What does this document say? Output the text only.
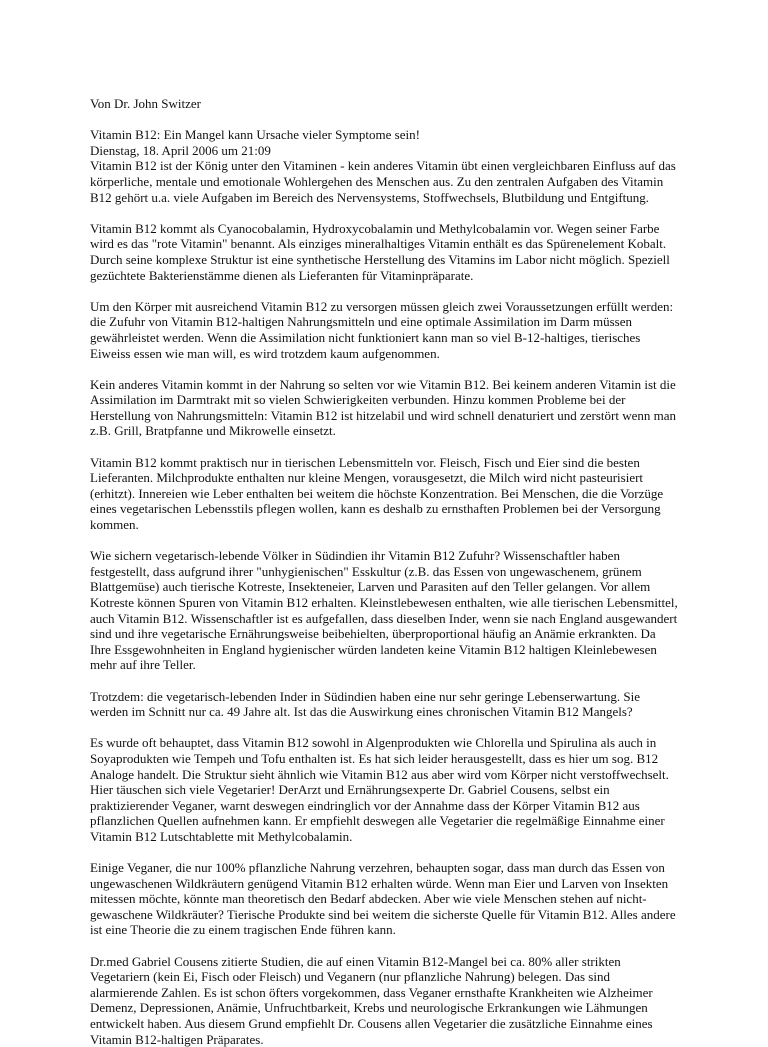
Von Dr. John Switzer

Vitamin B12: Ein Mangel kann Ursache vieler Symptome sein!

Dienstag, 18. April 2006 um 21:09

Vitamin B12 ist der König unter den Vitaminen - kein anderes Vitamin übt einen vergleichbaren Einfluss auf das
körperliche, mentale und emotionale Wohlergehen des Menschen aus. Zu den zentralen Aufgaben des Vitamin
B12 gehört u.a. viele Aufgaben im Bereich des Nervensystems, Stoffwechsels, Blutbildung und Entgiftung.

Vitamin B12 kommt als Cyanocobalamin, Hydroxycobalamin und Methylcobalamin vor. Wegen seiner Farbe
wird es das "rote Vitamin" benannt. Als einziges mineralhaltiges Vitamin enthält es das Spürenelement Kobalt.
Durch seine komplexe Struktur ist eine synthetische Herstellung des Vitamins im Labor nicht möglich. Speziell
gezüchtete Bakterienstämme dienen als Lieferanten für Vitaminpräparate.

Um den Körper mit ausreichend Vitamin B12 zu versorgen müssen gleich zwei Voraussetzungen erfüllt werden:
die Zufuhr von Vitamin B12-haltigen Nahrungsmitteln und eine optimale Assimilation im Darm müssen
gewährleistet werden. Wenn die Assimilation nicht funktioniert kann man so viel B-12-haltiges, tierisches
Eiweiss essen wie man will, es wird trotzdem kaum aufgenommen.

Kein anderes Vitamin kommt in der Nahrung so selten vor wie Vitamin B12. Bei keinem anderen Vitamin ist die
Assimilation im Darmtrakt mit so vielen Schwierigkeiten verbunden. Hinzu kommen Probleme bei der
Herstellung von Nahrungsmitteln: Vitamin B12 ist hitzelabil und wird schnell denaturiert und zerstört wenn man
z.B. Grill, Bratpfanne und Mikrowelle einsetzt.

Vitamin B12 kommt praktisch nur in tierischen Lebensmitteln vor. Fleisch, Fisch und Eier sind die besten
Lieferanten. Milchprodukte enthalten nur kleine Mengen, vorausgesetzt, die Milch wird nicht pasteurisiert
(erhitzt). Innereien wie Leber enthalten bei weitem die höchste Konzentration. Bei Menschen, die die Vorzüge
eines vegetarischen Lebensstils pflegen wollen, kann es deshalb zu ernsthaften Problemen bei der Versorgung
kommen.

Wie sichern vegetarisch-lebende Völker in Südindien ihr Vitamin B12 Zufuhr? Wissenschaftler haben
festgestellt, dass aufgrund ihrer "unhygienischen" Esskultur (z.B. das Essen von ungewaschenem, grünem
Blattgemüse) auch tierische Kotreste, Insekteneier, Larven und Parasiten auf den Teller gelangen. Vor allem
Kotreste können Spuren von Vitamin B12 erhalten. Kleinstlebewesen enthalten, wie alle tierischen Lebensmittel,
auch Vitamin B12. Wissenschaftler ist es aufgefallen, dass dieselben Inder, wenn sie nach England ausgewandert
sind und ihre vegetarische Ernährungsweise beibehielten, überproportional häufig an Anämie erkrankten. Da
Ihre Essgewohnheiten in England hygienischer würden landeten keine Vitamin B12 haltigen Kleinlebewesen
mehr auf ihre Teller.

Trotzdem: die vegetarisch-lebenden Inder in Südindien haben eine nur sehr geringe Lebenserwartung. Sie
werden im Schnitt nur ca. 49 Jahre alt. Ist das die Auswirkung eines chronischen Vitamin B12 Mangels?

Es wurde oft behauptet, dass Vitamin B12 sowohl in Algenprodukten wie Chlorella und Spirulina als auch in
Soyaprodukten wie Tempeh und Tofu enthalten ist. Es hat sich leider herausgestellt, dass es hier um sog. B12
Analoge handelt. Die Struktur sieht ähnlich wie Vitamin B12 aus aber wird vom Körper nicht verstoffwechselt.
Hier täuschen sich viele Vegetarier! DerArzt und Ernährungsexperte Dr. Gabriel Cousens, selbst ein
praktizierender Veganer, warnt deswegen eindringlich vor der Annahme dass der Körper Vitamin B12 aus
pflanzlichen Quellen aufnehmen kann. Er empfiehlt deswegen alle Vegetarier die regelmäßige Einnahme einer
Vitamin B12 Lutschtablette mit Methylcobalamin.

Einige Veganer, die nur 100% pflanzliche Nahrung verzehren, behaupten sogar, dass man durch das Essen von
ungewaschenen Wildkräutern genügend Vitamin B12 erhalten würde. Wenn man Eier und Larven von Insekten
mitessen möchte, könnte man theoretisch den Bedarf abdecken. Aber wie viele Menschen stehen auf nicht-
gewaschene Wildkräuter? Tierische Produkte sind bei weitem die sicherste Quelle für Vitamin B12. Alles andere
ist eine Theorie die zu einem tragischen Ende führen kann.

Dr.med Gabriel Cousens zitierte Studien, die auf einen Vitamin B12-Mangel bei ca. 80% aller strikten
Vegetariern (kein Ei, Fisch oder Fleisch) und Veganern (nur pflanzliche Nahrung) belegen. Das sind
alarmierende Zahlen. Es ist schon öfters vorgekommen, dass Veganer ernsthafte Krankheiten wie Alzheimer
Demenz, Depressionen, Anämie, Unfruchtbarkeit, Krebs und neurologische Erkrankungen wie Lähmungen
entwickelt haben. Aus diesem Grund empfiehlt Dr. Cousens allen Vegetarier die zusätzliche Einnahme eines
Vitamin B12-haltigen Präparates.
